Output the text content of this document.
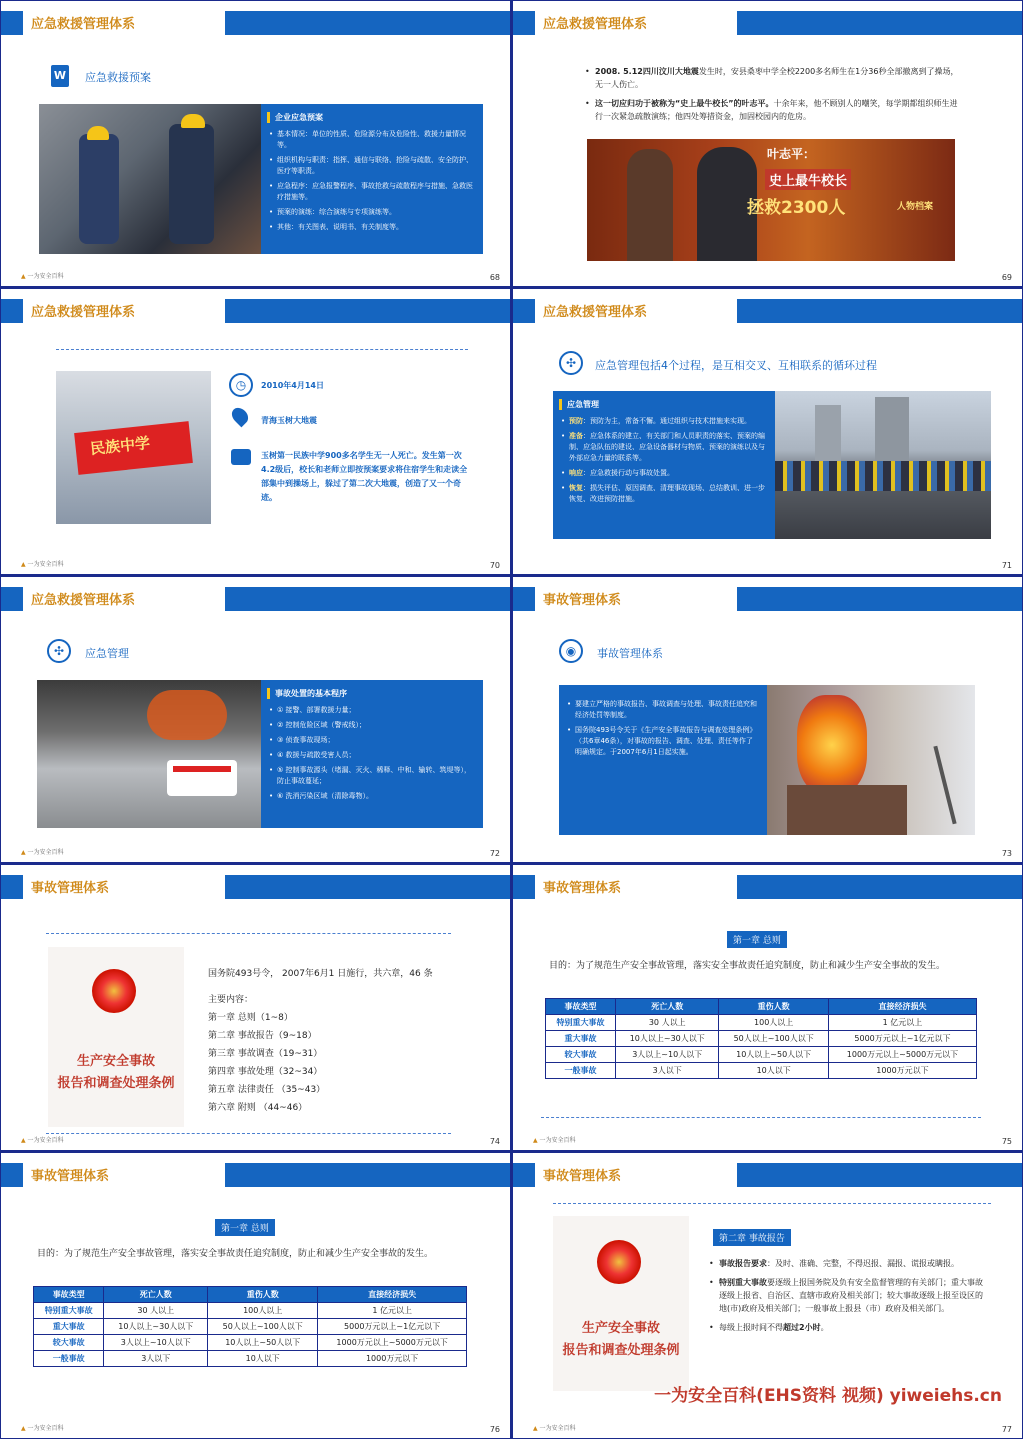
应急救援管理体系
W 应急救援预案
企业应急预案
• 基本情况：单位的性质、危险源分布及危险性、救援力量情况等。
• 组织机构与职责：指挥、通信与联络、抢险与疏散、安全防护、医疗等职责。
• 应急程序：应急报警程序、事故抢救与疏散程序与措施、急救医疗措施等。
• 预案的演练：综合演练与专项演练等。
• 其他：有关图表、说明书、有关制度等。
▲ 一为安全百科	68
应急救援管理体系
• 2008. 5.12四川汶川大地震发生时，安县桑枣中学全校2200多名师生在1分36秒全部撤离到了操场，无一人伤亡。
• 这一切应归功于被称为“史上最牛校长”的叶志平。十余年来，他不顾别人的嘲笑，每学期都组织师生进行一次紧急疏散演练；他四处筹措资金，加固校园内的危房。
叶志平：
史上最牛校长
拯救2300人	人物档案
69
应急救援管理体系
民族中学
◷	2010年4月14日
青海玉树大地震
玉树第一民族中学900多名学生无一人死亡。发生第一次4.2级后，校长和老师立即按预案要求将住宿学生和走读全部集中到操场上，躲过了第二次大地震，创造了又一个奇迹。
▲ 一为安全百科	70
应急救援管理体系
✣	应急管理包括4个过程，是互相交叉、互相联系的循环过程
应急管理
• 预防：预防为主，常备不懈。通过组织与技术措施来实现。
• 准备：应急体系的建立、有关部门和人员职责的落实、预案的编制、应急队伍的建设、应急设备器材与物质、预案的演练以及与外部应急力量的联系等。
• 响应：应急救援行动与事故处置。
• 恢复：损失评估、原因调查、清理事故现场、总结教训、进一步恢复、改进预防措施。
71
应急救援管理体系
✣	应急管理
事故处置的基本程序
• ① 接警、部署救援力量；
• ② 控制危险区域（警戒线）；
• ③ 侦查事故现场；
• ④ 救援与疏散受害人员；
• ⑤ 控制事故源头（堵漏、灭火、稀释、中和、输转、筑堤等），防止事故蔓延；
• ⑥ 洗消污染区域（清除毒物）。
▲ 一为安全百科	72
事故管理体系
◉	事故管理体系
• 要建立严格的事故报告、事故调查与处理、事故责任追究和经济处罚等制度。
• 国务院493号令关于《生产安全事故报告与调查处理条例》（共6章46条），对事故的报告、调查、处理、责任等作了明确规定。于2007年6月1日起实施。
73
事故管理体系
生产安全事故
报告和调查处理条例
国务院493号令， 2007年6月1 日施行，共六章，46 条
主要内容：
第一章 总则（1~8）
第二章 事故报告（9~18）
第三章 事故调查（19~31）
第四章 事故处理（32~34）
第五章 法律责任 （35~43）
第六章 附则 （44~46）
▲ 一为安全百科	74
事故管理体系
第一章 总则
目的：为了规范生产安全事故管理，落实安全事故责任追究制度，防止和减少生产安全事故的发生。
事故类型	死亡人数	重伤人数	直接经济损失
特别重大事故	30 人以上	100人以上	1 亿元以上
重大事故	10人以上~30人以下	50人以上~100人以下	5000万元以上~1亿元以下
较大事故	3人以上~10人以下	10人以上~50人以下	1000万元以上~5000万元以下
一般事故	3人以下	10人以下	1000万元以下
▲ 一为安全百科	75
事故管理体系
第一章 总则
目的：为了规范生产安全事故管理，落实安全事故责任追究制度，防止和减少生产安全事故的发生。
事故类型	死亡人数	重伤人数	直接经济损失
特别重大事故	30 人以上	100人以上	1 亿元以上
重大事故	10人以上~30人以下	50人以上~100人以下	5000万元以上~1亿元以下
较大事故	3人以上~10人以下	10人以上~50人以下	1000万元以上~5000万元以下
一般事故	3人以下	10人以下	1000万元以下
▲ 一为安全百科	76
事故管理体系
生产安全事故
报告和调查处理条例
第二章 事故报告
• 事故报告要求：及时、准确、完整，不得迟报、漏报、谎报或瞒报。
• 特别重大事故要逐级上报国务院及负有安全监督管理的有关部门；重大事故逐级上报省、自治区、直辖市政府及相关部门；较大事故逐级上报至设区的地(市)政府及相关部门；一般事故上报县（市）政府及相关部门。
• 每级上报时间不得超过2小时。
一为安全百科(EHS资料 视频) yiweiehs.cn
▲ 一为安全百科	77
